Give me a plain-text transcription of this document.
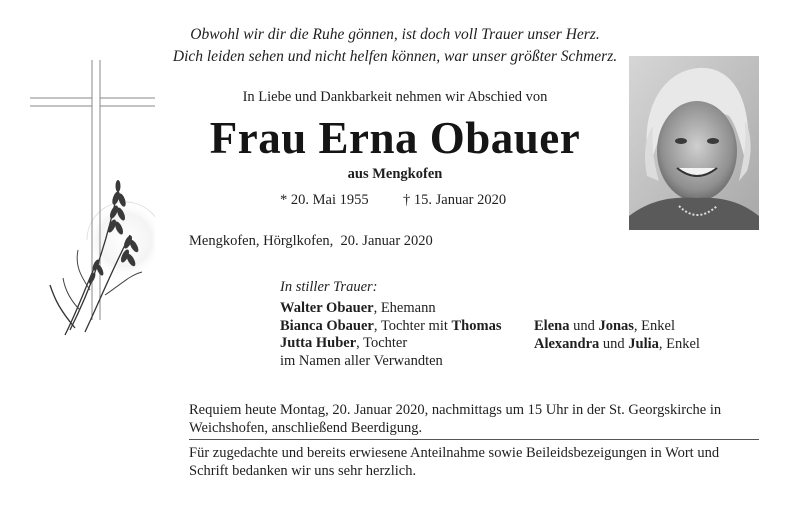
Obwohl wir dir die Ruhe gönnen, ist doch voll Trauer unser Herz.
Dich leiden sehen und nicht helfen können, war unser größter Schmerz.
In Liebe und Dankbarkeit nehmen wir Abschied von
Frau Erna Obauer
aus Mengkofen
* 20. Mai 1955 † 15. Januar 2020
Mengkofen, Hörglkofen,  20. Januar 2020
In stiller Trauer:
Walter Obauer, Ehemann
Bianca Obauer, Tochter mit Thomas
Jutta Huber, Tochter
im Namen aller Verwandten
Elena und Jonas, Enkel
Alexandra und Julia, Enkel
Requiem heute Montag, 20. Januar 2020, nachmittags um 15 Uhr in der St. Georgskirche in
Weichshofen, anschließend Beerdigung.
Für zugedachte und bereits erwiesene Anteilnahme sowie Beileidsbezeigungen in Wort und
Schrift bedanken wir uns sehr herzlich.
